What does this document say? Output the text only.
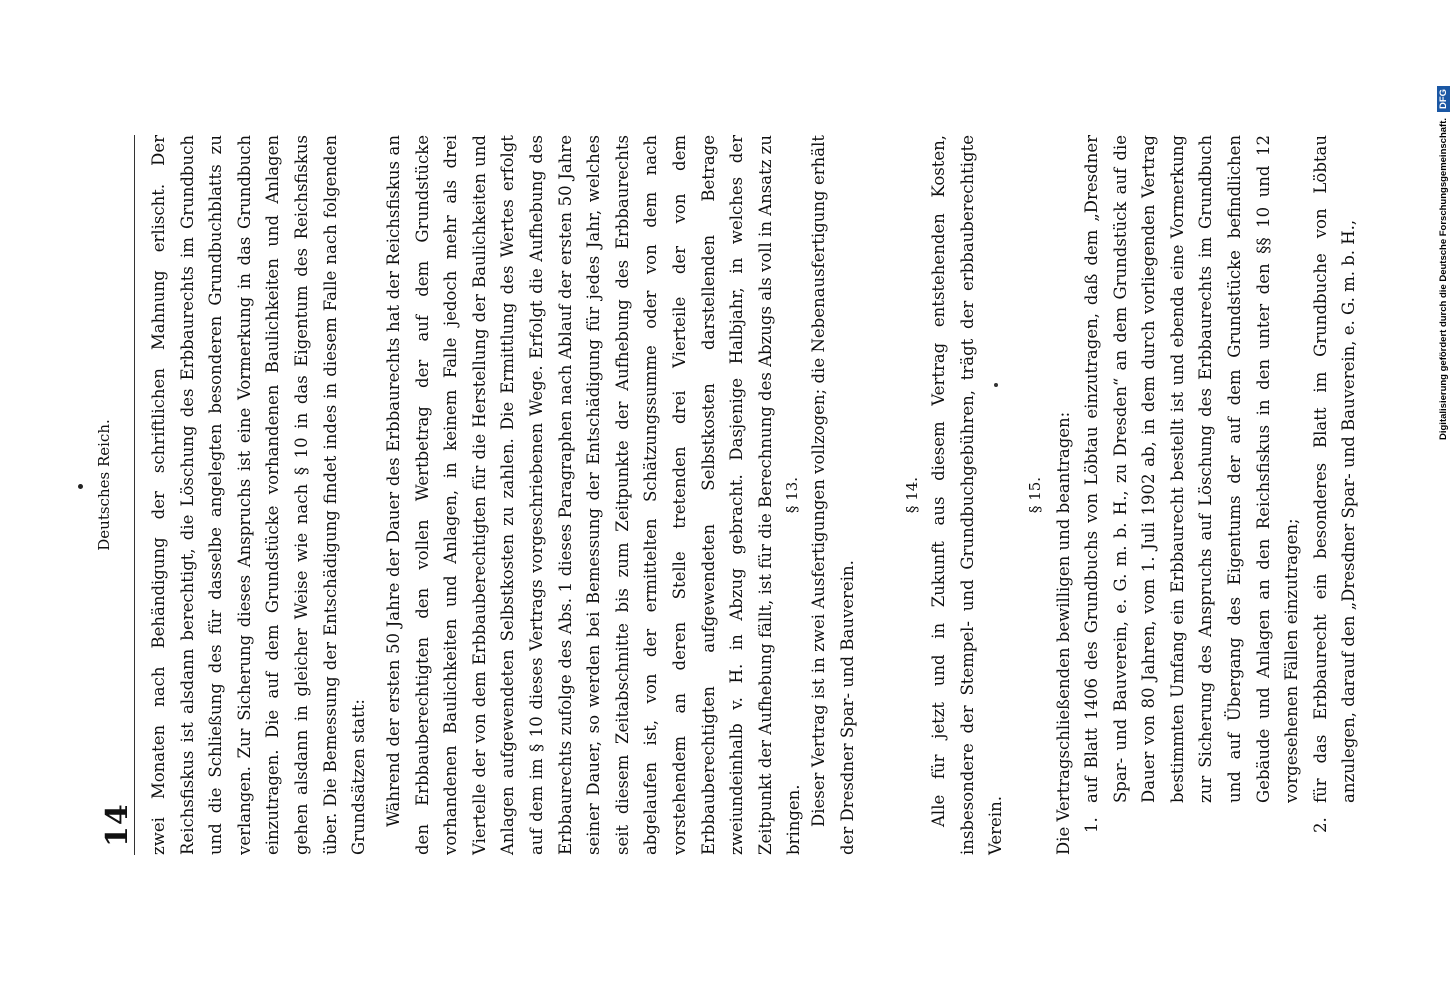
14
Deutsches Reich. zwei Monaten nach Behändigung der schriftlichen Mahnung erlischt. Der Reichsfiskus ist alsdann berechtigt, die Löschung des Erbbaurechts im Grundbuch und die Schließung des für dasselbe angelegten besonderen Grundbuchblatts zu verlangen. Zur Sicherung dieses Anspruchs ist eine Vormerkung in das Grundbuch einzutragen. Die auf dem Grundstücke vorhandenen Baulichkeiten und Anlagen gehen alsdann in gleicher Weise wie nach § 10 in das Eigentum des Reichsfiskus über. Die Bemessung der Entschädigung findet indes in diesem Falle nach folgenden Grundsätzen statt: Während der ersten 50 Jahre der Dauer des Erbbaurechts hat der Reichsfiskus an den Erbbauberechtigten den vollen Wertbetrag der auf dem Grundstücke vorhandenen Baulichkeiten und Anlagen, in keinem Falle jedoch mehr als drei Viertelle der von dem Erbbauberechtigten für die Herstellung der Baulichkeiten und Anlagen aufgewendeten Selbstkosten zu zahlen. Die Ermittlung des Wertes erfolgt auf dem im § 10 dieses Vertrags vorgeschriebenen Wege. Erfolgt die Aufhebung des Erbbaurechts zufolge des Abs. 1 dieses Paragraphen nach Ablauf der ersten 50 Jahre seiner Dauer, so werden bei Bemessung der Entschädigung für jedes Jahr, welches seit diesem Zeitabschnitte bis zum Zeitpunkte der Aufhebung des Erbbaurechts abgelaufen ist, von der ermittelten Schätzungssumme oder von dem nach vorstehendem an deren Stelle tretenden drei Vierteile der von dem Erbbauberechtigten aufgewendeten Selbstkosten darstellenden Betrage zweiundeinhalb v. H. in Abzug gebracht. Dasjenige Halbjahr, in welches der Zeitpunkt der Aufhebung fällt, ist für die Berechnung des Abzugs als voll in Ansatz zu bringen.

§ 13. Dieser Vertrag ist in zwei Ausfertigungen vollzogen; die Nebenausfertigung erhält der Dresdner Spar- und Bauverein.

§ 14. Alle für jetzt und in Zukunft aus diesem Vertrag entstehenden Kosten, insbesondere der Stempel- und Grundbuchgebühren, trägt der erbbauberechtigte Verein.

§ 15. Die Vertragschließenden bewilligen und beantragen: 1.
auf Blatt 1406 des Grundbuchs von Löbtau einzutragen, daß dem „Dresdner Spar- und Bauverein, e. G. m. b. H., zu Dresden“ an dem Grundstück auf die Dauer von 80 Jahren, vom 1. Juli 1902 ab, in dem durch vorliegenden Vertrag bestimmten Umfang ein Erbbaurecht bestellt ist und ebenda eine Vormerkung zur Sicherung des Anspruchs auf Löschung des Erbbaurechts im Grundbuch und auf Übergang des Eigentums der auf dem Grundstücke befindlichen Gebäude und Anlagen an den Reichsfiskus in den unter den §§ 10 und 12 vorgesehenen Fällen einzutragen;
2.
für das Erbbaurecht ein besonderes Blatt im Grundbuche von Löbtau anzulegen, darauf den „Dresdner Spar- und Bauverein, e. G. m. b. H.,	Digitalisierung gefördert durch die Deutsche Forschungsgemeinschaft.
DFG
